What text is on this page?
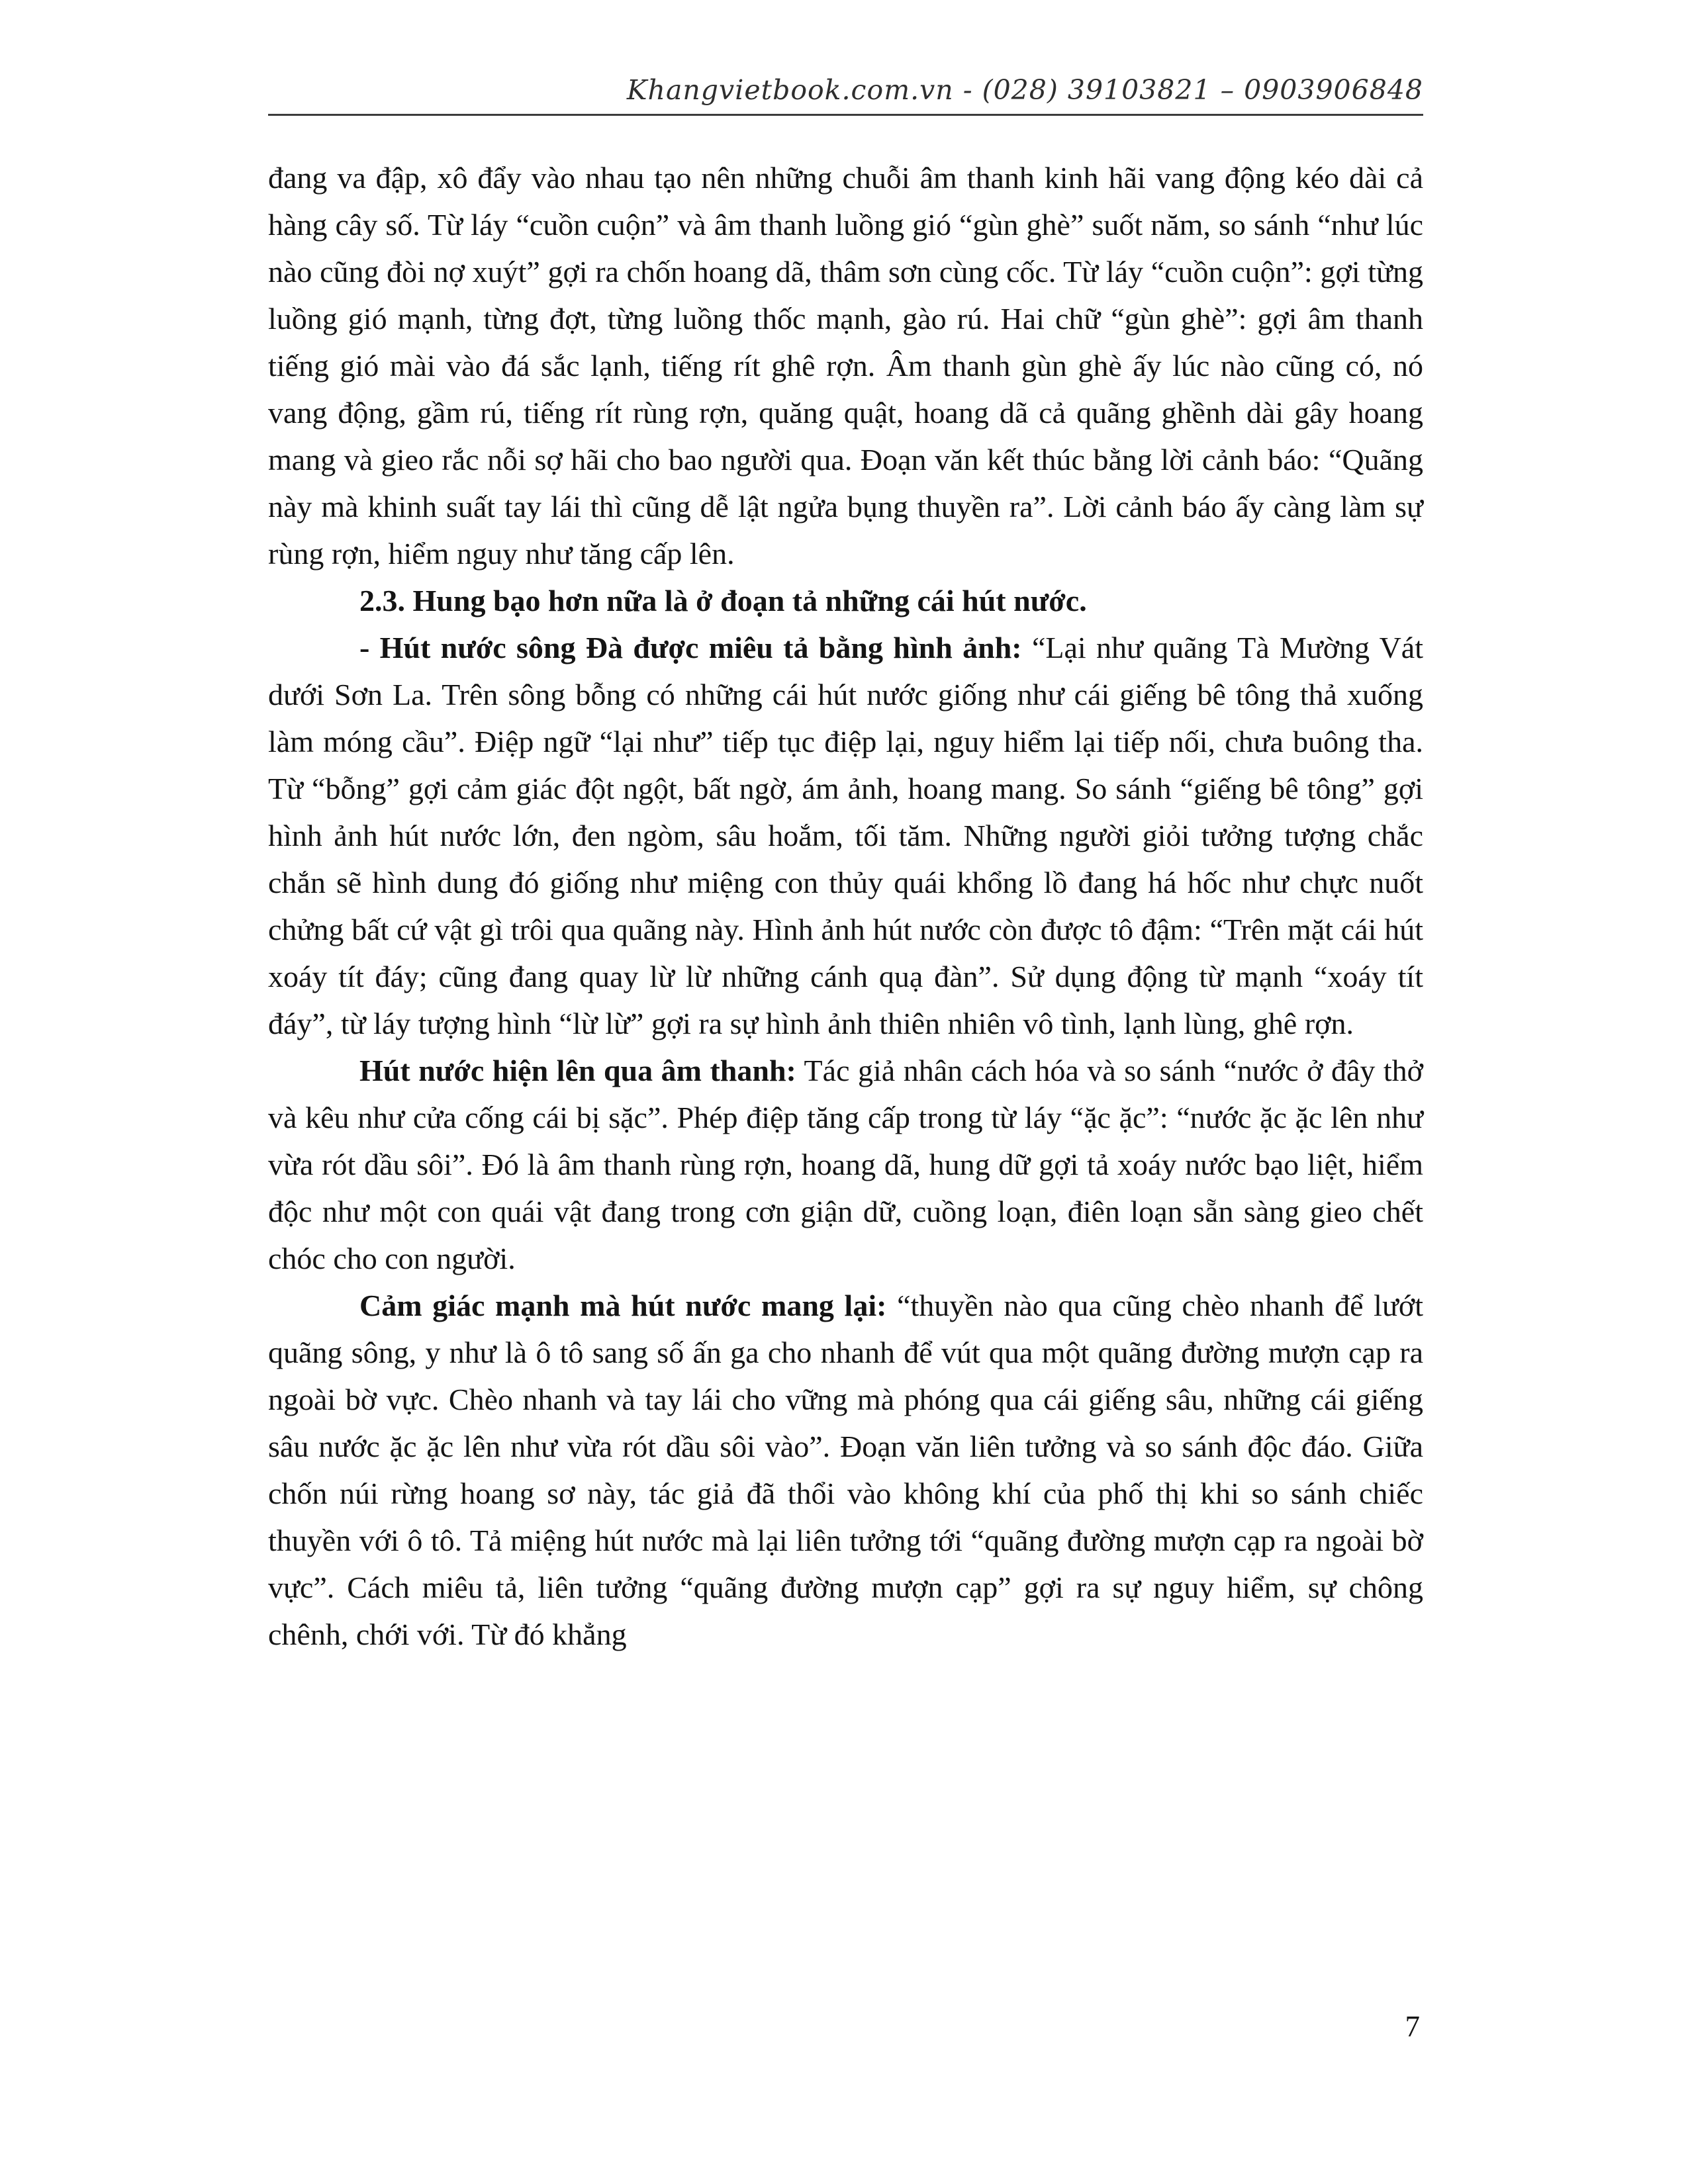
Khangvietbook.com.vn - (028) 39103821 – 0903906848

đang va đập, xô đẩy vào nhau tạo nên những chuỗi âm thanh kinh hãi vang động kéo dài cả hàng cây số. Từ láy “cuồn cuộn” và âm thanh luồng gió “gùn ghè” suốt năm, so sánh “như lúc nào cũng đòi nợ xuýt” gợi ra chốn hoang dã, thâm sơn cùng cốc. Từ láy “cuồn cuộn”: gợi từng luồng gió mạnh, từng đợt, từng luồng thốc mạnh, gào rú. Hai chữ “gùn ghè”: gợi âm thanh tiếng gió mài vào đá sắc lạnh, tiếng rít ghê rợn. Âm thanh gùn ghè ấy lúc nào cũng có, nó vang động, gầm rú, tiếng rít rùng rợn, quăng quật, hoang dã cả quãng ghềnh dài gây hoang mang và gieo rắc nỗi sợ hãi cho bao người qua. Đoạn văn kết thúc bằng lời cảnh báo: “Quãng này mà khinh suất tay lái thì cũng dễ lật ngửa bụng thuyền ra”. Lời cảnh báo ấy càng làm sự rùng rợn, hiểm nguy như tăng cấp lên.

2.3. Hung bạo hơn nữa là ở đoạn tả những cái hút nước.

- Hút nước sông Đà được miêu tả bằng hình ảnh: “Lại như quãng Tà Mường Vát dưới Sơn La. Trên sông bỗng có những cái hút nước giống như cái giếng bê tông thả xuống làm móng cầu”. Điệp ngữ “lại như” tiếp tục điệp lại, nguy hiểm lại tiếp nối, chưa buông tha. Từ “bỗng” gợi cảm giác đột ngột, bất ngờ, ám ảnh, hoang mang. So sánh “giếng bê tông” gợi hình ảnh hút nước lớn, đen ngòm, sâu hoắm, tối tăm. Những người giỏi tưởng tượng chắc chắn sẽ hình dung đó giống như miệng con thủy quái khổng lồ đang há hốc như chực nuốt chửng bất cứ vật gì trôi qua quãng này. Hình ảnh hút nước còn được tô đậm: “Trên mặt cái hút xoáy tít đáy; cũng đang quay lừ lừ những cánh quạ đàn”. Sử dụng động từ mạnh “xoáy tít đáy”, từ láy tượng hình “lừ lừ” gợi ra sự hình ảnh thiên nhiên vô tình, lạnh lùng, ghê rợn.

Hút nước hiện lên qua âm thanh: Tác giả nhân cách hóa và so sánh “nước ở đây thở và kêu như cửa cống cái bị sặc”. Phép điệp tăng cấp trong từ láy “ặc ặc”: “nước ặc ặc lên như vừa rót dầu sôi”. Đó là âm thanh rùng rợn, hoang dã, hung dữ gợi tả xoáy nước bạo liệt, hiểm độc như một con quái vật đang trong cơn giận dữ, cuồng loạn, điên loạn sẵn sàng gieo chết chóc cho con người.

Cảm giác mạnh mà hút nước mang lại: “thuyền nào qua cũng chèo nhanh để lướt quãng sông, y như là ô tô sang số ấn ga cho nhanh để vút qua một quãng đường mượn cạp ra ngoài bờ vực. Chèo nhanh và tay lái cho vững mà phóng qua cái giếng sâu, những cái giếng sâu nước ặc ặc lên như vừa rót dầu sôi vào”. Đoạn văn liên tưởng và so sánh độc đáo. Giữa chốn núi rừng hoang sơ này, tác giả đã thổi vào không khí của phố thị khi so sánh chiếc thuyền với ô tô. Tả miệng hút nước mà lại liên tưởng tới “quãng đường mượn cạp ra ngoài bờ vực”. Cách miêu tả, liên tưởng “quãng đường mượn cạp” gợi ra sự nguy hiểm, sự chông chênh, chới với. Từ đó khẳng

7
